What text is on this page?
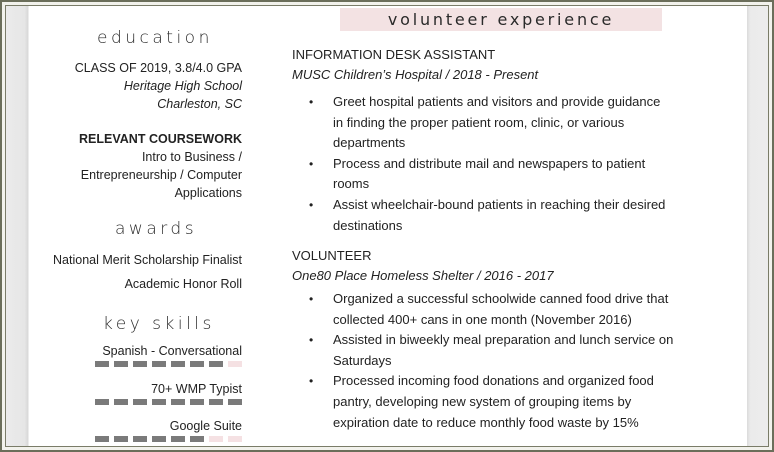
education
CLASS OF 2019, 3.8/4.0 GPA
Heritage High School
Charleston, SC
RELEVANT COURSEWORK
Intro to Business /
Entrepreneurship / Computer
Applications
awards
National Merit Scholarship Finalist
Academic Honor Roll
key skills
Spanish - Conversational
70+ WMP Typist
Google Suite
volunteer experience
INFORMATION DESK ASSISTANT
MUSC Children’s Hospital / 2018 - Present
• Greet hospital patients and visitors and provide guidance
in finding the proper patient room, clinic, or various
departments
• Process and distribute mail and newspapers to patient
rooms
• Assist wheelchair-bound patients in reaching their desired
destinations
VOLUNTEER
One80 Place Homeless Shelter / 2016 - 2017
• Organized a successful schoolwide canned food drive that
collected 400+ cans in one month (November 2016)
• Assisted in biweekly meal preparation and lunch service on
Saturdays
• Processed incoming food donations and organized food
pantry, developing new system of grouping items by
expiration date to reduce monthly food waste by 15%
